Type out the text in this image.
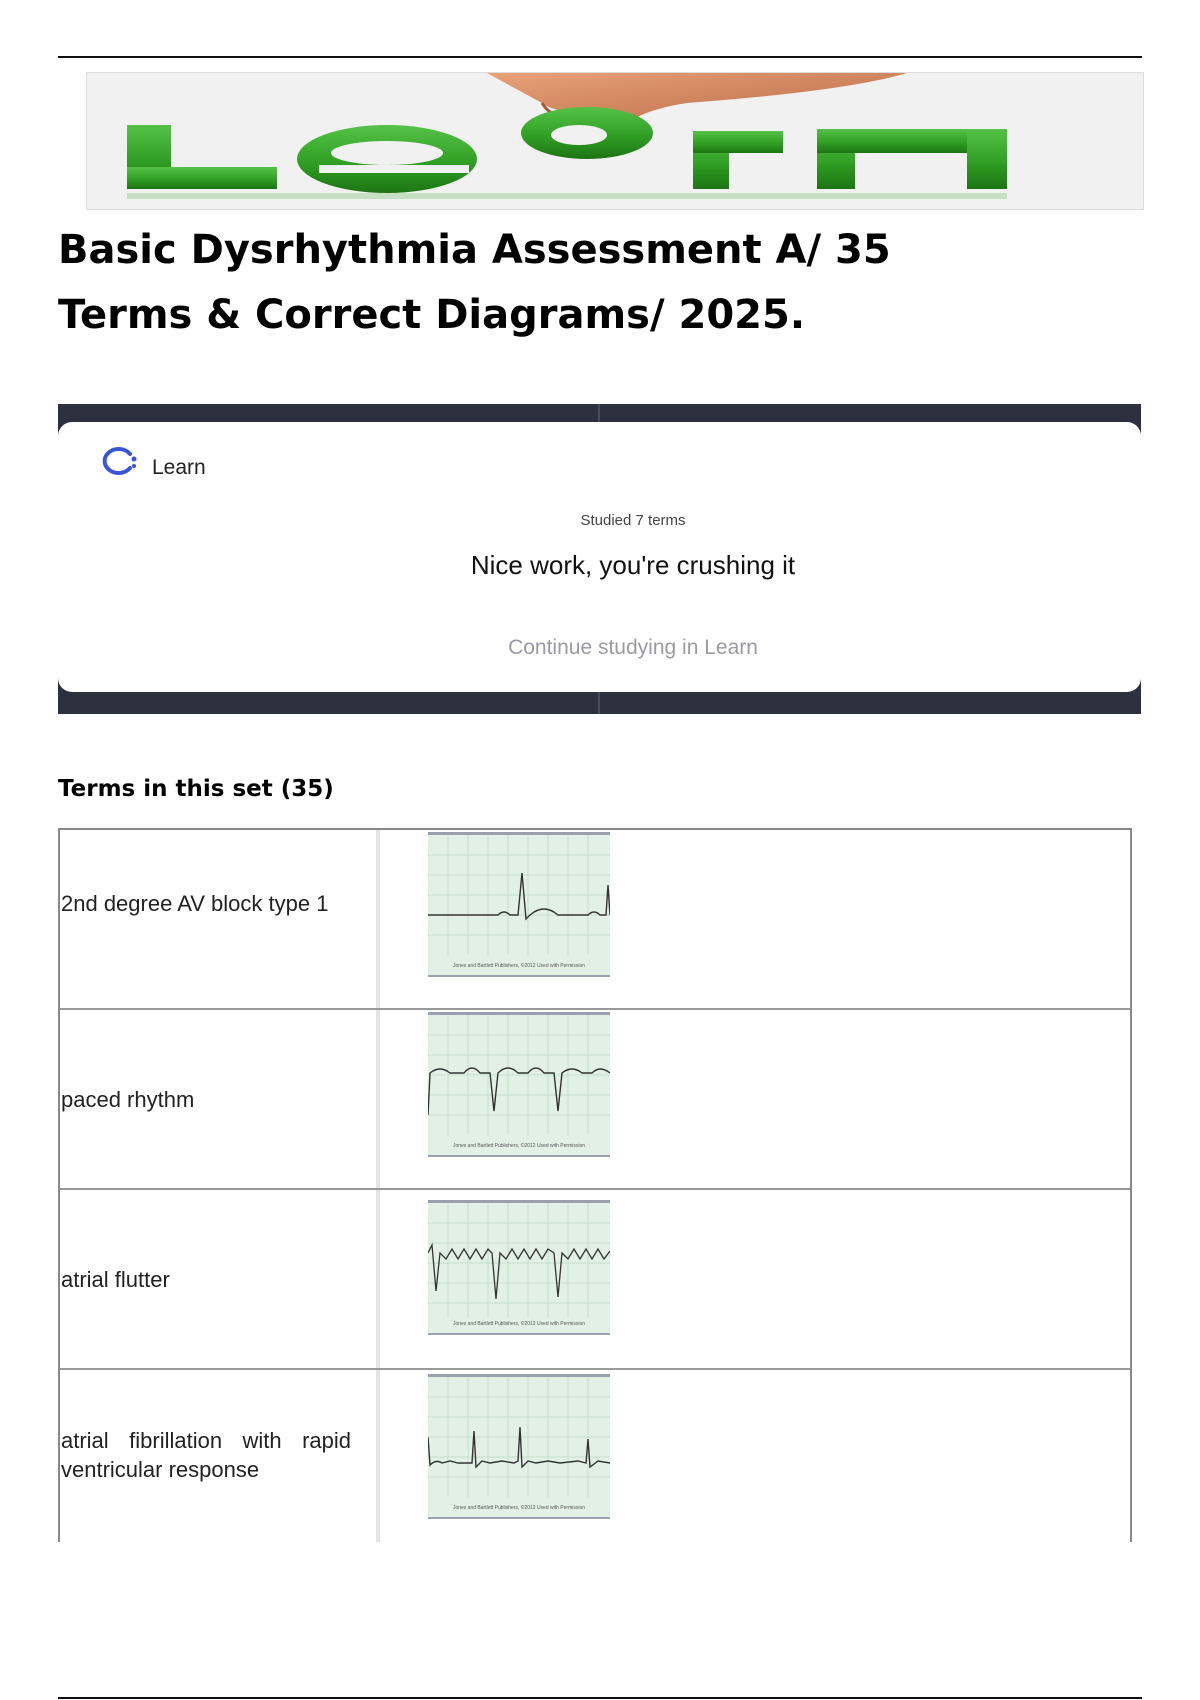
Learn
Basic Dysrhythmia Assessment A/ 35
Terms & Correct Diagrams/ 2025.
Learn
Studied 7 terms
Nice work, you're crushing it
Continue studying in Learn
Terms in this set (35)
2nd degree AV block type 1
Jones and Bartlett Publishers, ©2012 Used with Permission
paced rhythm
Jones and Bartlett Publishers, ©2012 Used with Permission
atrial flutter
Jones and Bartlett Publishers, ©2012 Used with Permission
atrial fibrillation with rapid ventricular response
Jones and Bartlett Publishers, ©2012 Used with Permission
